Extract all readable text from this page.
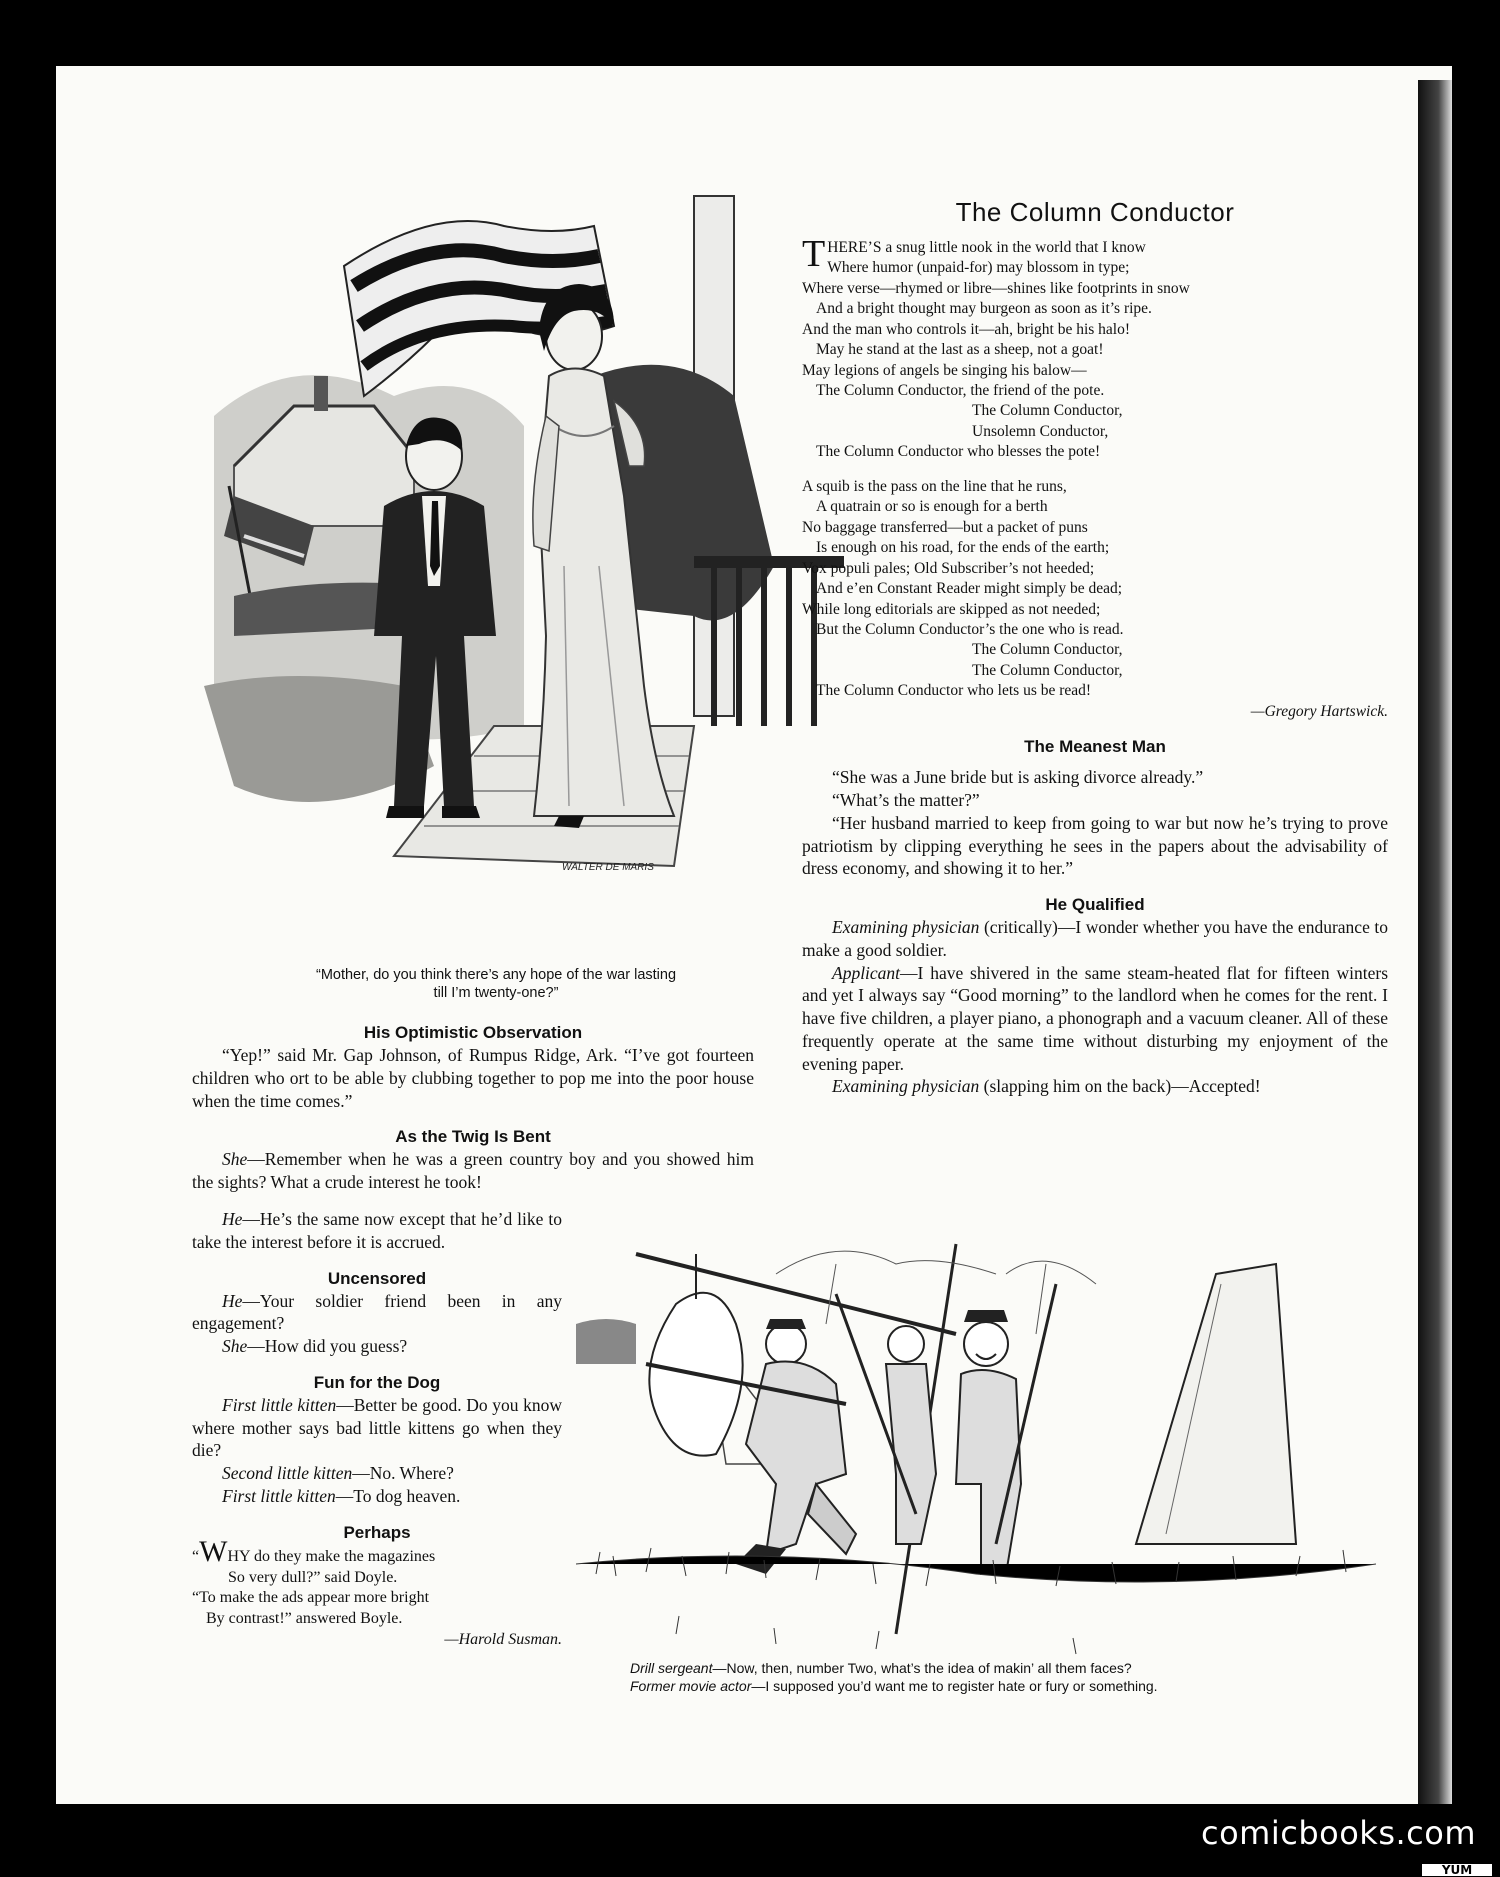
WALTER DE MARIS
“Mother, do you think there’s any hope of the war lasting
till I’m twenty-one?”
His Optimistic Observation

“Yep!” said Mr. Gap Johnson, of Rumpus Ridge, Ark. “I’ve got fourteen children who ort to be able by clubbing together to pop me into the poor house when the time comes.”

As the Twig Is Bent

She—Remember when he was a green country boy and you showed him the sights? What a crude interest he took!

He—He’s the same now except that he’d like to take the interest before it is accrued.

Uncensored

He—Your soldier friend been in any engagement?

She—How did you guess?

Fun for the Dog

First little kitten—Better be good. Do you know where mother says bad little kittens go when they die?

Second little kitten—No. Where?

First little kitten—To dog heaven.

Perhaps
“WHY do they make the magazines
So very dull?” said Doyle.
“To make the ads appear more bright
By contrast!” answered Boyle.
—Harold Susman.
The Column Conductor
THERE’S a snug little nook in the world that I know
Where humor (unpaid-for) may blossom in type;
Where verse—rhymed or libre—shines like footprints in snow
And a bright thought may burgeon as soon as it’s ripe.
And the man who controls it—ah, bright be his halo!
May he stand at the last as a sheep, not a goat!
May legions of angels be singing his balow—
The Column Conductor, the friend of the pote.
The Column Conductor,
Unsolemn Conductor,
The Column Conductor who blesses the pote!
A squib is the pass on the line that he runs,
A quatrain or so is enough for a berth
No baggage transferred—but a packet of puns
Is enough on his road, for the ends of the earth;
Vox populi pales; Old Subscriber’s not heeded;
And e’en Constant Reader might simply be dead;
While long editorials are skipped as not needed;
But the Column Conductor’s the one who is read.
The Column Conductor,
The Column Conductor,
The Column Conductor who lets us be read!
—Gregory Hartswick.
The Meanest Man

“She was a June bride but is asking divorce already.”

“What’s the matter?”

“Her husband married to keep from going to war but now he’s trying to prove patriotism by clipping everything he sees in the papers about the advisability of dress economy, and showing it to her.”

He Qualified

Examining physician (critically)—I wonder whether you have the endurance to make a good soldier.

Applicant—I have shivered in the same steam-heated flat for fifteen winters and yet I always say “Good morning” to the landlord when he comes for the rent. I have five children, a player piano, a phonograph and a vacuum cleaner. All of these frequently operate at the same time without disturbing my enjoyment of the evening paper.

Examining physician (slapping him on the back)—Accepted!

Drill sergeant—Now, then, number Two, what’s the idea of makin’ all them faces?
Former movie actor—I supposed you’d want me to register hate or fury or something.
comicbooks.com
YUM
